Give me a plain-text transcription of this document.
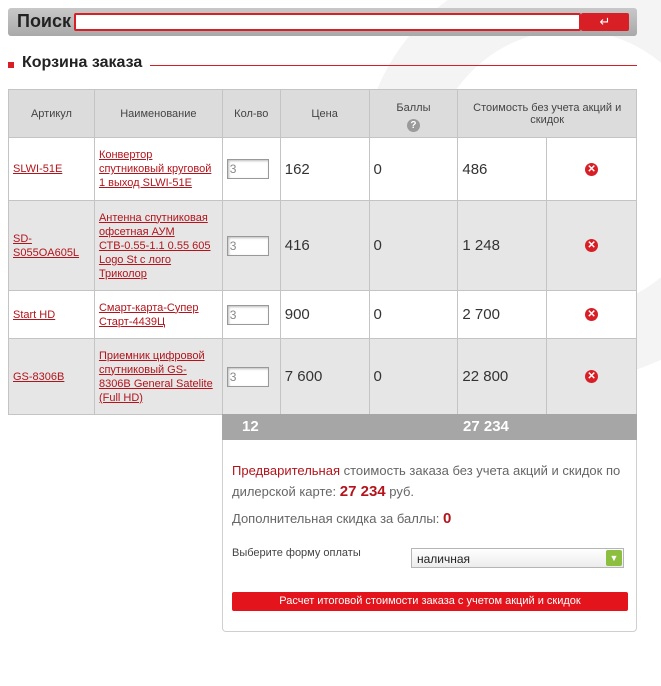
Поиск	↵
Корзина заказа
Артикул	Наименование	Кол-во	Цена	Баллы
?	Стоимость без учета акций и скидок	
SLWI-51E	Конвертор спутниковый круговой 1 выход SLWI-51E	3	162	0	486	✕
SD-S055OA605L	Антенна спутниковая офсетная АУМ СТВ-0.55-1.1 0.55 605 Logo St с лого Триколор	3	416	0	1 248	✕
Start HD	Смарт-карта-Супер Старт-4439Ц	3	900	0	2 700	✕
GS-8306B	Приемник цифровой спутниковый GS-8306B General Satelite (Full HD)	3	7 600	0	22 800	✕
12	27 234
Предварительная стоимость заказа без учета акций и скидок по дилерской карте: 27 234 руб.
Дополнительная скидка за баллы: 0
Выберите форму оплаты	наличная	▼
Расчет итоговой стоимости заказа с учетом акций и скидок
